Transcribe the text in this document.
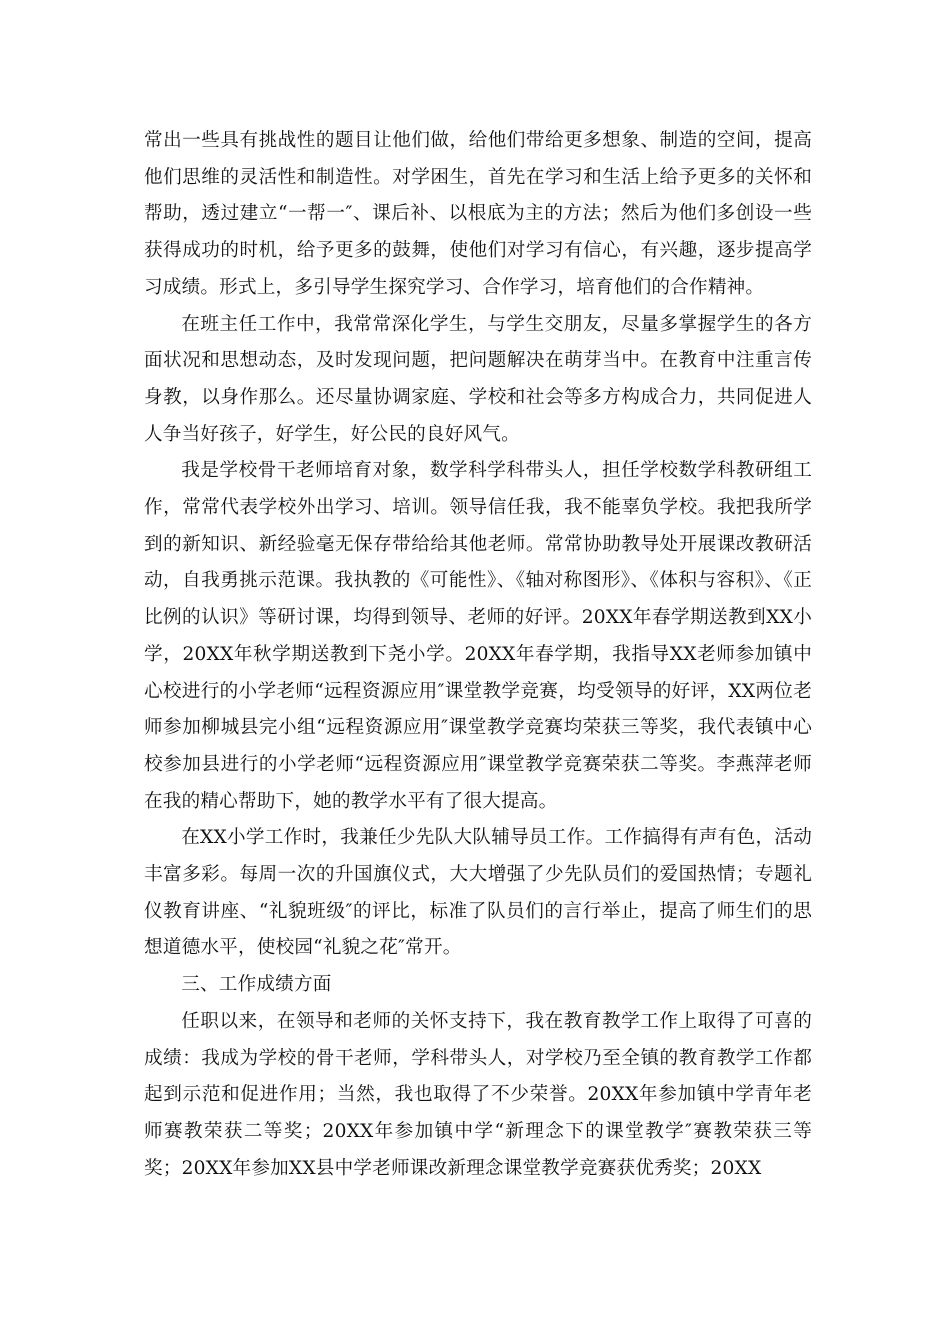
常出一些具有挑战性的题目让他们做，给他们带给更多想象、制造的空间，提高他们思维的灵活性和制造性。对学困生，首先在学习和生活上给予更多的关怀和帮助，透过建立“一帮一″、课后补、以根底为主的方法；然后为他们多创设一些获得成功的时机，给予更多的鼓舞，使他们对学习有信心，有兴趣，逐步提高学习成绩。形式上，多引导学生探究学习、合作学习，培育他们的合作精神。

在班主任工作中，我常常深化学生，与学生交朋友，尽量多掌握学生的各方面状况和思想动态，及时发现问题，把问题解决在萌芽当中。在教育中注重言传身教，以身作那么。还尽量协调家庭、学校和社会等多方构成合力，共同促进人人争当好孩子，好学生，好公民的良好风气。

我是学校骨干老师培育对象，数学科学科带头人，担任学校数学科教研组工作，常常代表学校外出学习、培训。领导信任我，我不能辜负学校。我把我所学到的新知识、新经验毫无保存带给给其他老师。常常协助教导处开展课改教研活动，自我勇挑示范课。我执教的《可能性》、《轴对称图形》、《体积与容积》、《正比例的认识》等研讨课，均得到领导、老师的好评。20XX年春学期送教到XX小学，20XX年秋学期送教到下尧小学。20XX年春学期，我指导XX老师参加镇中心校进行的小学老师“远程资源应用″课堂教学竞赛，均受领导的好评，XX两位老师参加柳城县完小组“远程资源应用″课堂教学竞赛均荣获三等奖，我代表镇中心校参加县进行的小学老师“远程资源应用″课堂教学竞赛荣获二等奖。李燕萍老师在我的精心帮助下，她的教学水平有了很大提高。

在XX小学工作时，我兼任少先队大队辅导员工作。工作搞得有声有色，活动丰富多彩。每周一次的升国旗仪式，大大增强了少先队员们的爱国热情；专题礼仪教育讲座、“礼貌班级″的评比，标准了队员们的言行举止，提高了师生们的思想道德水平，使校园“礼貌之花″常开。

三、工作成绩方面

任职以来，在领导和老师的关怀支持下，我在教育教学工作上取得了可喜的成绩：我成为学校的骨干老师，学科带头人，对学校乃至全镇的教育教学工作都起到示范和促进作用；当然，我也取得了不少荣誉。20XX年参加镇中学青年老师赛教荣获二等奖；20XX年参加镇中学“新理念下的课堂教学″赛教荣获三等奖；20XX年参加XX县中学老师课改新理念课堂教学竞赛获优秀奖；20XX
